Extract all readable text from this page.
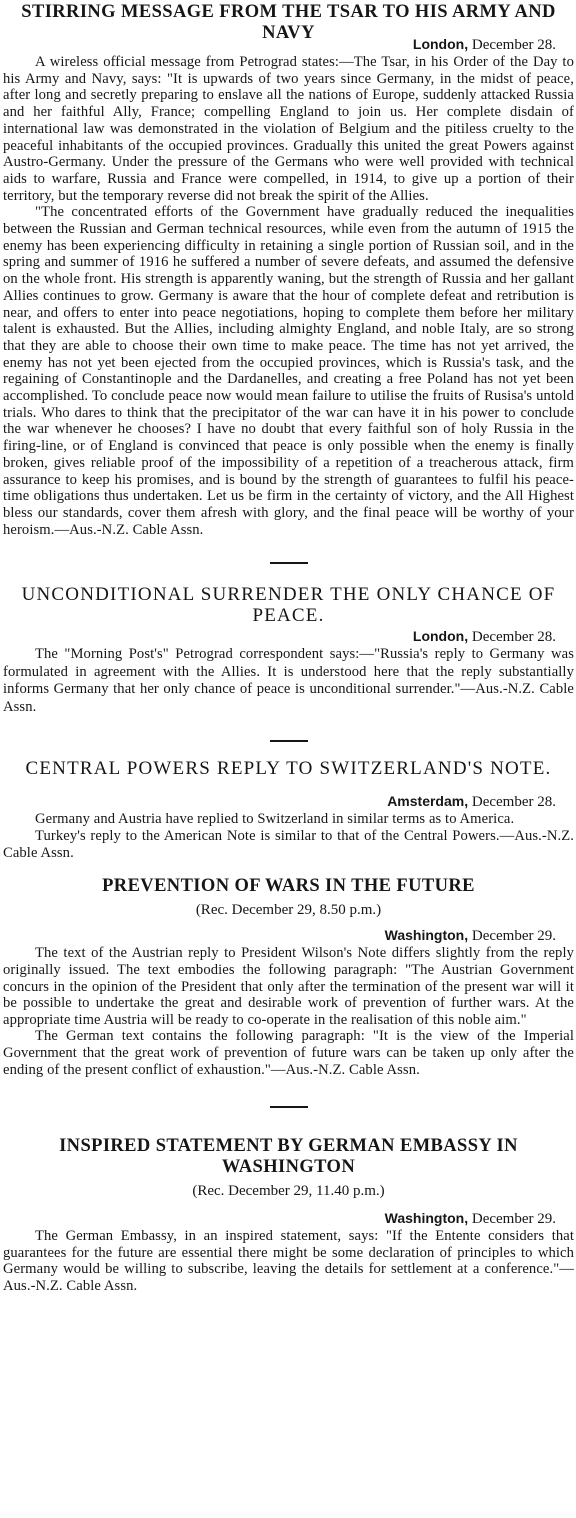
STIRRING MESSAGE FROM THE TSAR TO HIS ARMY AND NAVY

London, December 28.

A wireless official message from Petrograd states:—The Tsar, in his Order of the Day to his Army and Navy, says: "It is upwards of two years since Germany, in the midst of peace, after long and secretly preparing to enslave all the nations of Europe, suddenly attacked Russia and her faithful Ally, France; compelling England to join us. Her complete disdain of international law was demonstrated in the violation of Belgium and the pitiless cruelty to the peaceful inhabitants of the occupied provinces. Gradually this united the great Powers against Austro-Germany. Under the pressure of the Germans who were well provided with technical aids to warfare, Russia and France were compelled, in 1914, to give up a portion of their territory, but the temporary reverse did not break the spirit of the Allies.

"The concentrated efforts of the Government have gradually reduced the inequalities between the Russian and German technical resources, while even from the autumn of 1915 the enemy has been experiencing difficulty in retaining a single portion of Russian soil, and in the spring and summer of 1916 he suffered a number of severe defeats, and assumed the defensive on the whole front. His strength is apparently waning, but the strength of Russia and her gallant Allies continues to grow. Germany is aware that the hour of complete defeat and retribution is near, and offers to enter into peace negotiations, hoping to complete them before her military talent is exhausted. But the Allies, including almighty England, and noble Italy, are so strong that they are able to choose their own time to make peace. The time has not yet arrived, the enemy has not yet been ejected from the occupied provinces, which is Russia's task, and the regaining of Constantinople and the Dardanelles, and creating a free Poland has not yet been accomplished. To conclude peace now would mean failure to utilise the fruits of Rusisa's untold trials. Who dares to think that the precipitator of the war can have it in his power to conclude the war whenever he chooses? I have no doubt that every faithful son of holy Russia in the firing-line, or of England is convinced that peace is only possible when the enemy is finally broken, gives reliable proof of the impossibility of a repetition of a treacherous attack, firm assurance to keep his promises, and is bound by the strength of guarantees to fulfil his peace-time obligations thus undertaken. Let us be firm in the certainty of victory, and the All Highest bless our standards, cover them afresh with glory, and the final peace will be worthy of your heroism.—Aus.-N.Z. Cable Assn.

UNCONDITIONAL SURRENDER THE ONLY CHANCE OF PEACE.

London, December 28.

The "Morning Post's" Petrograd correspondent says:—"Russia's reply to Germany was formulated in agreement with the Allies. It is understood here that the reply substantially informs Germany that her only chance of peace is unconditional surrender."—Aus.-N.Z. Cable Assn.

CENTRAL POWERS REPLY TO SWITZERLAND'S NOTE.

Amsterdam, December 28.

Germany and Austria have replied to Switzerland in similar terms as to America.

Turkey's reply to the American Note is similar to that of the Central Powers.—Aus.-N.Z. Cable Assn.

PREVENTION OF WARS IN THE FUTURE

(Rec. December 29, 8.50 p.m.)

Washington, December 29.

The text of the Austrian reply to President Wilson's Note differs slightly from the reply originally issued. The text embodies the following paragraph: "The Austrian Government concurs in the opinion of the President that only after the termination of the present war will it be possible to undertake the great and desirable work of prevention of further wars. At the appropriate time Austria will be ready to co-operate in the realisation of this noble aim."

The German text contains the following paragraph: "It is the view of the Imperial Government that the great work of prevention of future wars can be taken up only after the ending of the present conflict of exhaustion."—Aus.-N.Z. Cable Assn.

INSPIRED STATEMENT BY GERMAN EMBASSY IN WASHINGTON

(Rec. December 29, 11.40 p.m.)

Washington, December 29.

The German Embassy, in an inspired statement, says: "If the Entente considers that guarantees for the future are essential there might be some declaration of principles to which Germany would be willing to subscribe, leaving the details for settlement at a conference."—Aus.-N.Z. Cable Assn.
